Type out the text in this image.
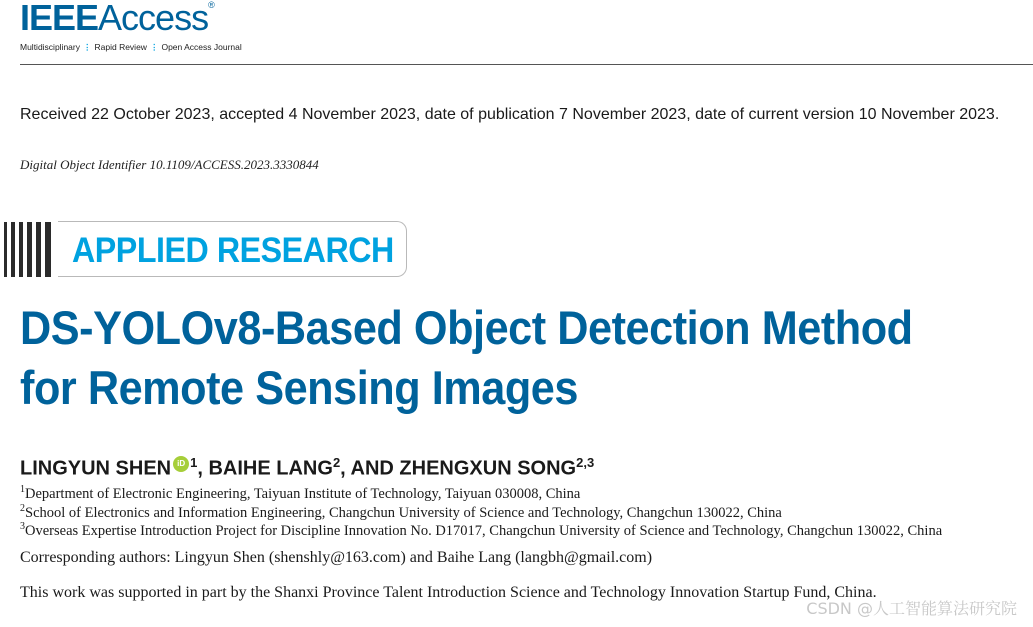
IEEEAccess®
Multidisciplinary ⋮ Rapid Review ⋮ Open Access Journal
Received 22 October 2023, accepted 4 November 2023, date of publication 7 November 2023, date of current version 10 November 2023.
Digital Object Identifier 10.1109/ACCESS.2023.3330844
APPLIED RESEARCH
DS-YOLOv8-Based Object Detection Method
for Remote Sensing Images
LINGYUN SHEN iD $^1$, BAIHE LANG$^2$, AND ZHENGXUN SONG$^{2,3}$
$^1$Department of Electronic Engineering, Taiyuan Institute of Technology, Taiyuan 030008, China
$^2$School of Electronics and Information Engineering, Changchun University of Science and Technology, Changchun 130022, China
$^3$Overseas Expertise Introduction Project for Discipline Innovation No. D17017, Changchun University of Science and Technology, Changchun 130022, China
Corresponding authors: Lingyun Shen (shenshly@163.com) and Baihe Lang (langbh@gmail.com)
This work was supported in part by the Shanxi Province Talent Introduction Science and Technology Innovation Startup Fund, China.
CSDN @人工智能算法研究院
